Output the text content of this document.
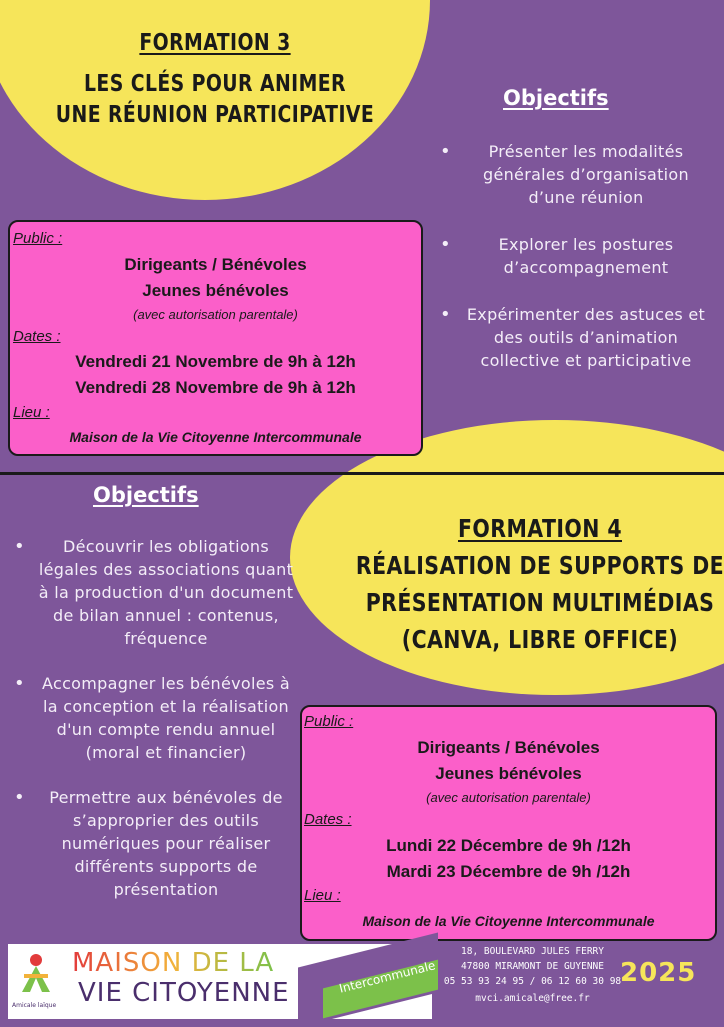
FORMATION 3
LES CLÉS POUR ANIMER
UNE RÉUNION PARTICIPATIVE
Objectifs
• Présenter les modalités générales d’organisation d’une réunion
• Explorer les postures d’accompagnement
• Expérimenter des astuces et des outils d’animation collective et participative
Public :
Dirigeants / Bénévoles
Jeunes bénévoles
(avec autorisation parentale)
Dates :
Vendredi 21 Novembre de 9h à 12h
Vendredi 28 Novembre de 9h à 12h
Lieu :
Maison de la Vie Citoyenne Intercommunale
Objectifs
• Découvrir les obligations légales des associations quant à la production d'un document de bilan annuel : contenus, fréquence
• Accompagner les bénévoles à la conception et la réalisation d'un compte rendu annuel (moral et financier)
• Permettre aux bénévoles de s’approprier des outils numériques pour réaliser différents supports de présentation
FORMATION 4
RÉALISATION DE SUPPORTS DE
PRÉSENTATION MULTIMÉDIAS
(CANVA, LIBRE OFFICE)
Public :
Dirigeants / Bénévoles
Jeunes bénévoles
(avec autorisation parentale)
Dates :
Lundi 22 Décembre de 9h /12h
Mardi 23 Décembre de 9h /12h
Lieu :
Maison de la Vie Citoyenne Intercommunale
Amicale laïque
MAISON DE LA
VIE CITOYENNE	Intercommunale
18, BOULEVARD JULES FERRY
47800 MIRAMONT DE GUYENNE
05 53 93 24 95 / 06 12 60 30 98
mvci.amicale@free.fr
2025
